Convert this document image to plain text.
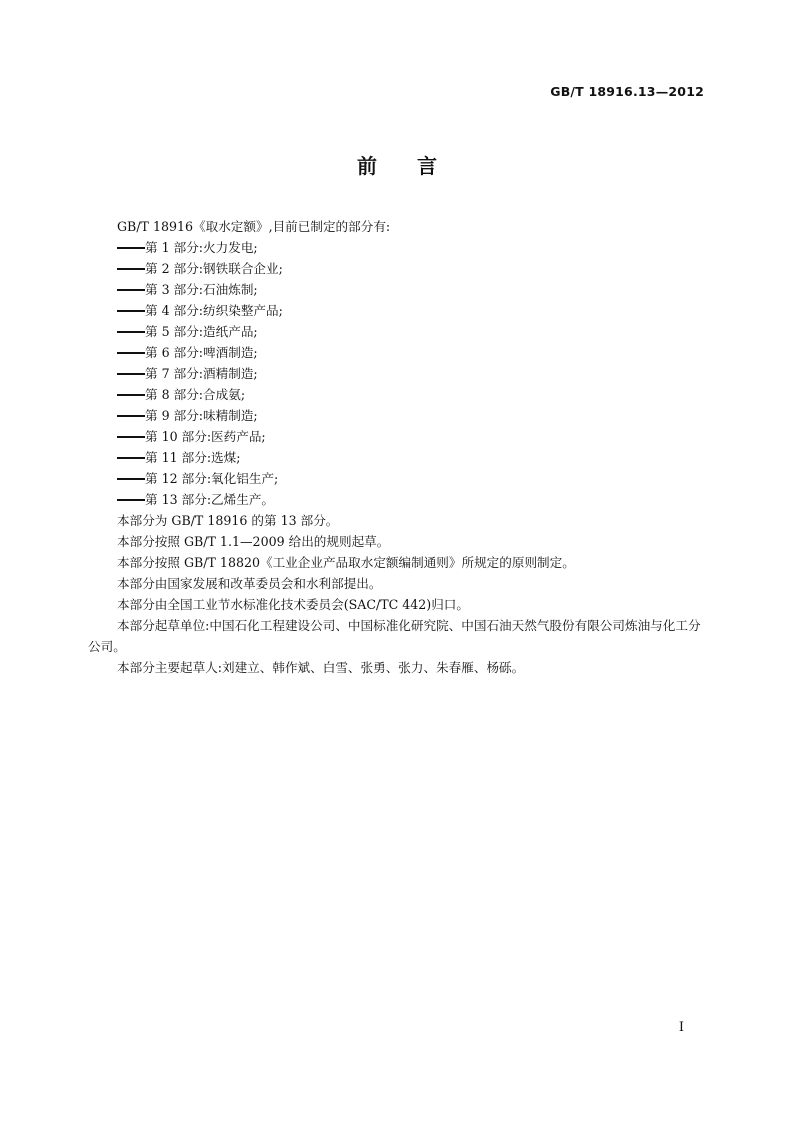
GB/T 18916.13—2012
前　　言

GB/T 18916《取水定额》,目前已制定的部分有:

第 1 部分:火力发电;
第 2 部分:钢铁联合企业;
第 3 部分:石油炼制;
第 4 部分:纺织染整产品;
第 5 部分:造纸产品;
第 6 部分:啤酒制造;
第 7 部分:酒精制造;
第 8 部分:合成氨;
第 9 部分:味精制造;
第 10 部分:医药产品;
第 11 部分:选煤;
第 12 部分:氧化铝生产;
第 13 部分:乙烯生产。

本部分为 GB/T 18916 的第 13 部分。

本部分按照 GB/T 1.1—2009 给出的规则起草。

本部分按照 GB/T 18820《工业企业产品取水定额编制通则》所规定的原则制定。

本部分由国家发展和改革委员会和水利部提出。

本部分由全国工业节水标准化技术委员会(SAC/TC 442)归口。

本部分起草单位:中国石化工程建设公司、中国标准化研究院、中国石油天然气股份有限公司炼油与化工分公司。

本部分主要起草人:刘建立、韩作斌、白雪、张勇、张力、朱春雁、杨砾。

I
